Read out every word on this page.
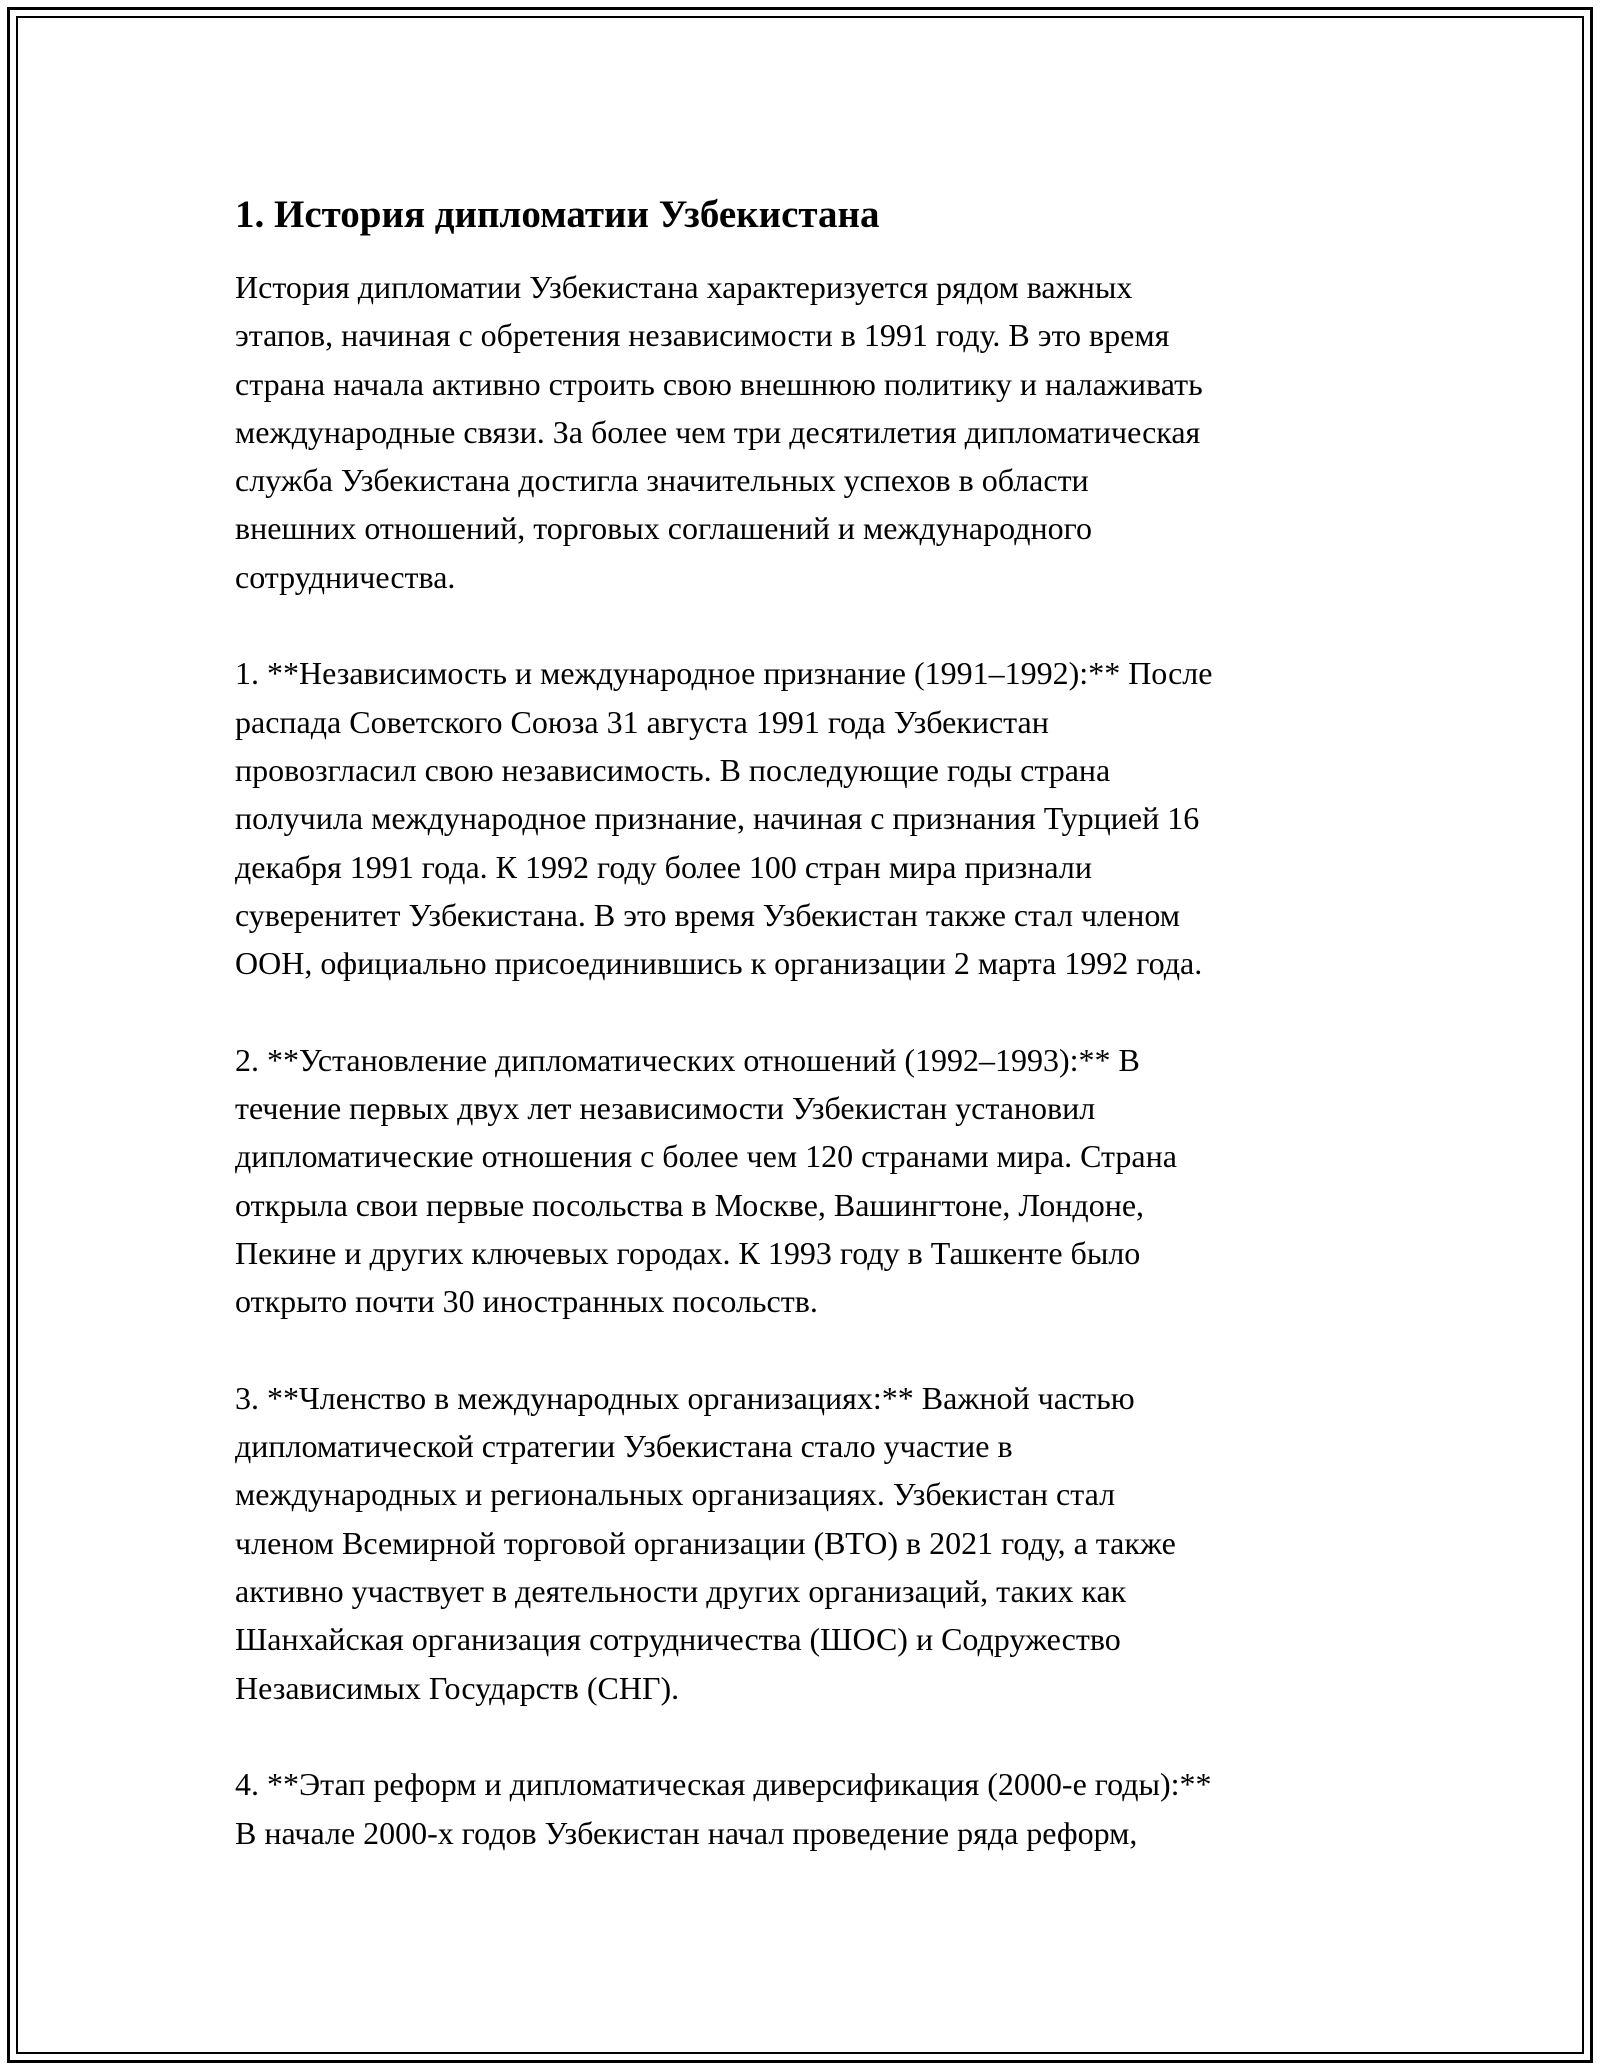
1. История дипломатии Узбекистана
История дипломатии Узбекистана характеризуется рядом важных
этапов, начиная с обретения независимости в 1991 году. В это время
страна начала активно строить свою внешнюю политику и налаживать
международные связи. За более чем три десятилетия дипломатическая
служба Узбекистана достигла значительных успехов в области
внешних отношений, торговых соглашений и международного
сотрудничества.
1. **Независимость и международное признание (1991–1992):** После
распада Советского Союза 31 августа 1991 года Узбекистан
провозгласил свою независимость. В последующие годы страна
получила международное признание, начиная с признания Турцией 16
декабря 1991 года. К 1992 году более 100 стран мира признали
суверенитет Узбекистана. В это время Узбекистан также стал членом
ООН, официально присоединившись к организации 2 марта 1992 года.
2. **Установление дипломатических отношений (1992–1993):** В
течение первых двух лет независимости Узбекистан установил
дипломатические отношения с более чем 120 странами мира. Страна
открыла свои первые посольства в Москве, Вашингтоне, Лондоне,
Пекине и других ключевых городах. К 1993 году в Ташкенте было
открыто почти 30 иностранных посольств.
3. **Членство в международных организациях:** Важной частью
дипломатической стратегии Узбекистана стало участие в
международных и региональных организациях. Узбекистан стал
членом Всемирной торговой организации (ВТО) в 2021 году, а также
активно участвует в деятельности других организаций, таких как
Шанхайская организация сотрудничества (ШОС) и Содружество
Независимых Государств (СНГ).
4. **Этап реформ и дипломатическая диверсификация (2000-е годы):**
В начале 2000-х годов Узбекистан начал проведение ряда реформ,
